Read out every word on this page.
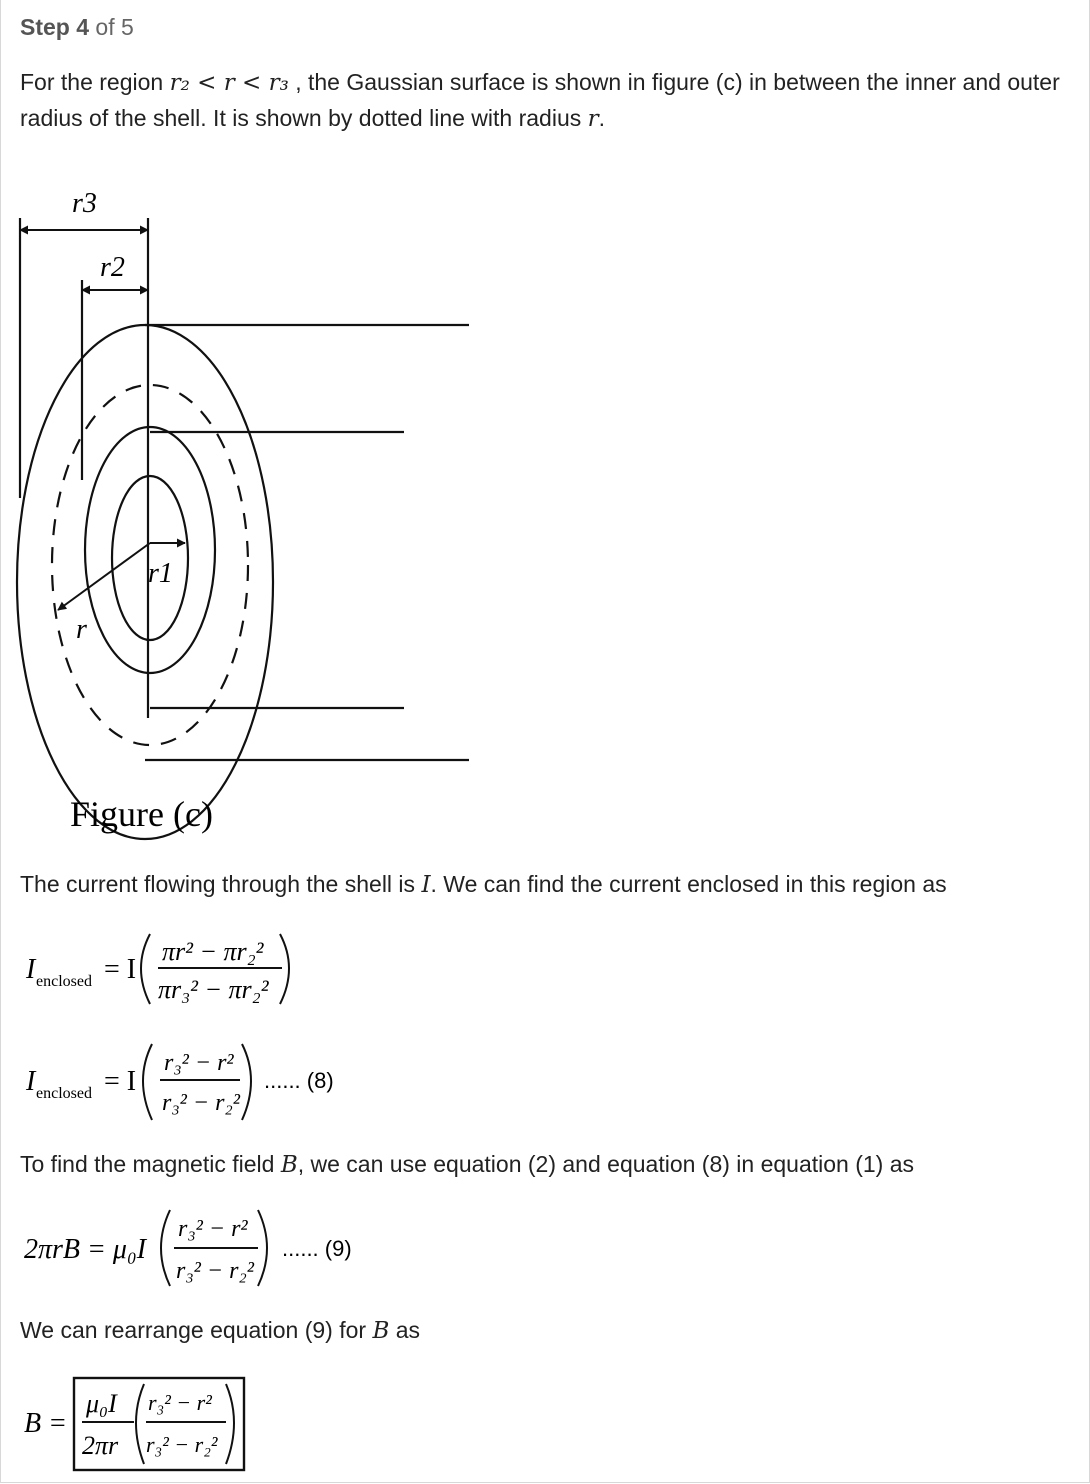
Step 4 of 5
For the region r₂ < r < r₃ , the Gaussian surface is shown in figure (c) in between the inner and outer
radius of the shell. It is shown by dotted line with radius r.
r3
r2
r1
r
Figure (c)
The current flowing through the shell is I. We can find the current enclosed in this region as
I enclosed = I
πr² − πr₂²
πr₃² − πr₂²
I enclosed = I
r₃² − r²
r₃² − r₂²
...... (8)
To find the magnetic field B, we can use equation (2) and equation (8) in equation (1) as
2πrB = μ₀I
r₃² − r²
r₃² − r₂²
...... (9)
We can rearrange equation (9) for B as
B =
μ₀I
2πr
r₃² − r²
r₃² − r₂²
